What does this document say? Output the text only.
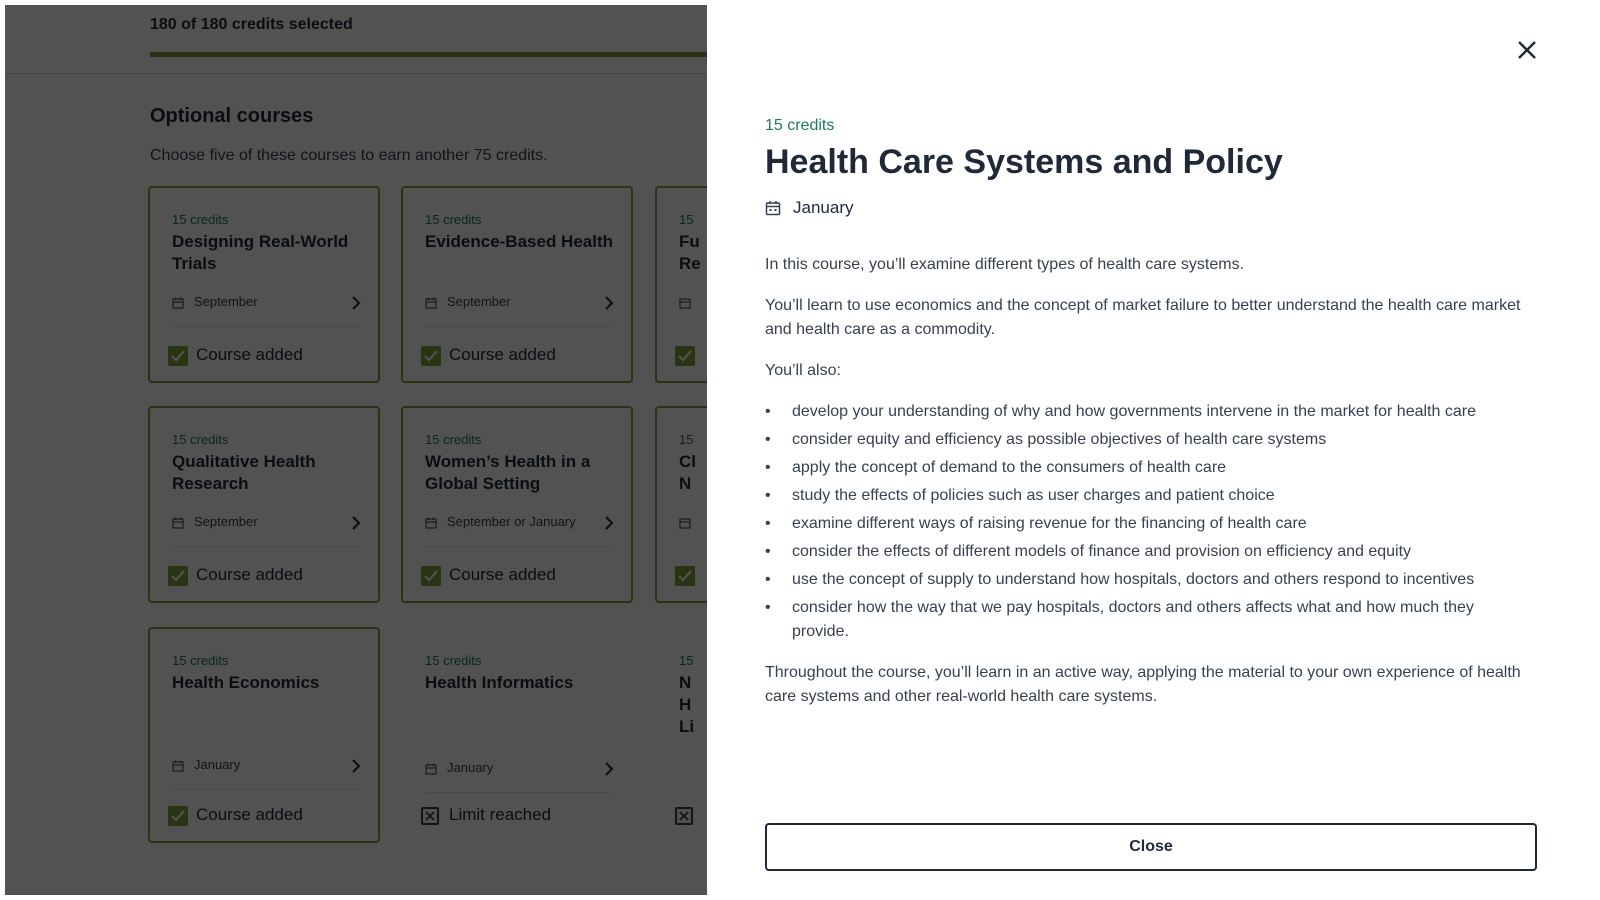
15 credits
Health Care Systems and Policy
January

In this course, you’ll examine different types of health care systems.

You’ll learn to use economics and the concept of market failure to better understand the health care market and health care as a commodity.

You’ll also:

• develop your understanding of why and how governments intervene in the market for health care
• consider equity and efficiency as possible objectives of health care systems
• apply the concept of demand to the consumers of health care
• study the effects of policies such as user charges and patient choice
• examine different ways of raising revenue for the financing of health care
• consider the effects of different models of finance and provision on efficiency and equity
• use the concept of supply to understand how hospitals, doctors and others respond to incentives
• consider how the way that we pay hospitals, doctors and others affects what and how much they provide.

Throughout the course, you’ll learn in an active way, applying the material to your own experience of health care systems and other real-world health care systems.

Close
